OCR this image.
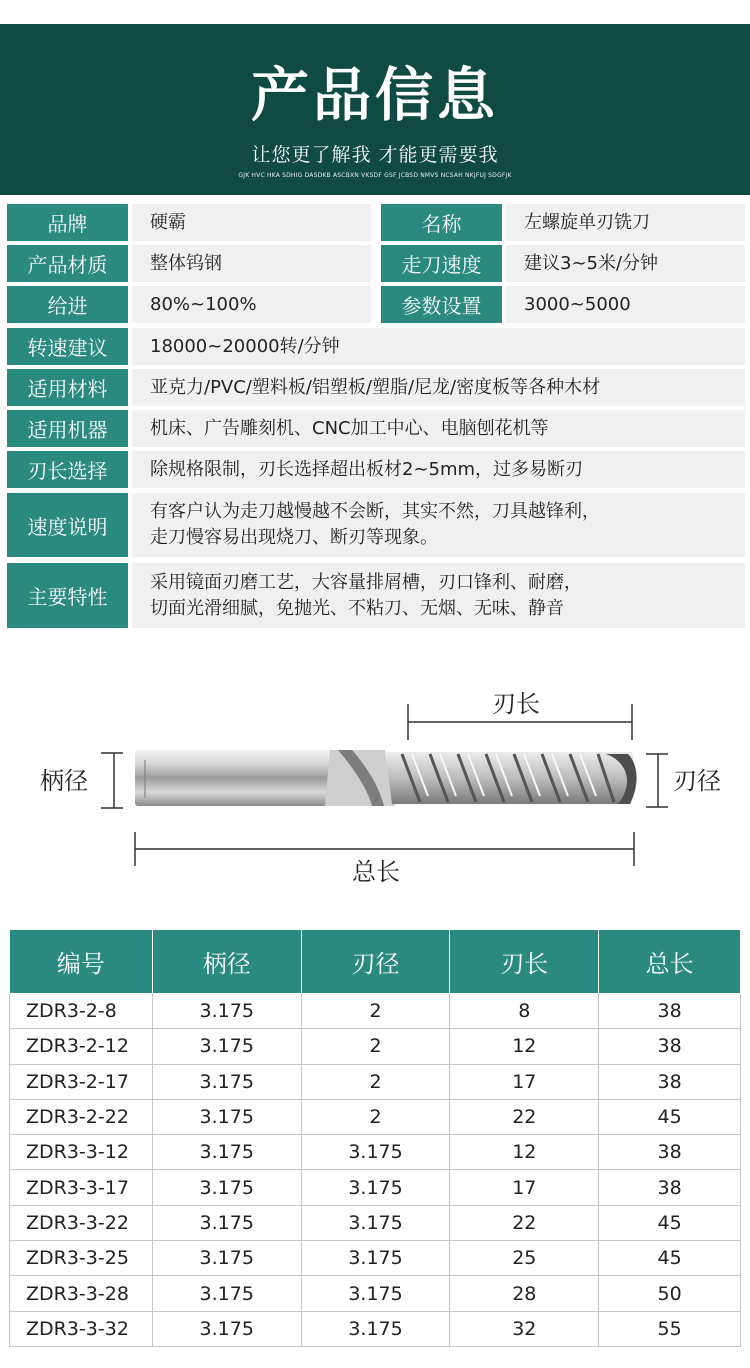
产品信息
让您更了解我 才能更需要我
GJK HVC HKA SDHIG DASDKB ASCBXN VKSDF GSF JCBSD NMVS NCSAH NKJFUJ SDGFJK
品牌	硬霸	名称	左螺旋单刃铣刀
产品材质	整体钨钢	走刀速度	建议3~5米/分钟
给进	80%~100%	参数设置	3000~5000
转速建议	18000~20000转/分钟
适用材料	亚克力/PVC/塑料板/铝塑板/塑脂/尼龙/密度板等各种木材
适用机器	机床、广告雕刻机、CNC加工中心、电脑刨花机等
刃长选择	除规格限制，刃长选择超出板材2~5mm，过多易断刃
速度说明
有客户认为走刀越慢越不会断，其实不然，刀具越锋利，
走刀慢容易出现烧刀、断刃等现象。
主要特性
采用镜面刃磨工艺，大容量排屑槽，刃口锋利、耐磨，
切面光滑细腻，免抛光、不粘刀、无烟、无味、静音
刃长
柄径	刃径
总长
编号	柄径	刃径	刃长	总长
ZDR3-2-8	3.175	2	8	38
ZDR3-2-12	3.175	2	12	38
ZDR3-2-17	3.175	2	17	38
ZDR3-2-22	3.175	2	22	45
ZDR3-3-12	3.175	3.175	12	38
ZDR3-3-17	3.175	3.175	17	38
ZDR3-3-22	3.175	3.175	22	45
ZDR3-3-25	3.175	3.175	25	45
ZDR3-3-28	3.175	3.175	28	50
ZDR3-3-32	3.175	3.175	32	55
